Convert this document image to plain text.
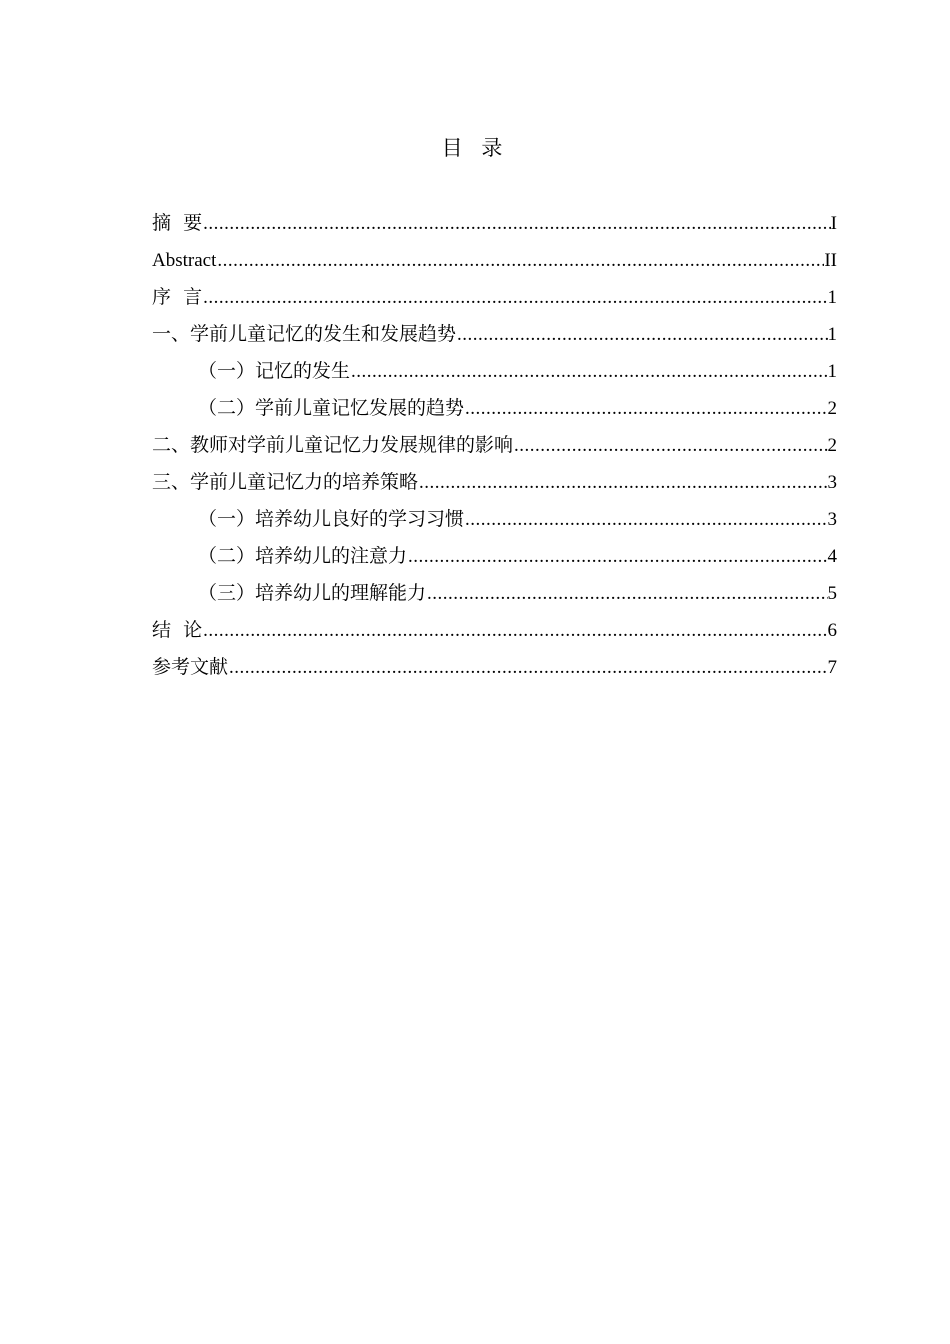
目 录
摘  要 .....	I
Abstract .....	II
序  言 .....	1
一、学前儿童记忆的发生和发展趋势 .....	1
（一）记忆的发生 .....	1
（二）学前儿童记忆发展的趋势 .....	2
二、教师对学前儿童记忆力发展规律的影响 .....	2
三、学前儿童记忆力的培养策略 .....	3
（一）培养幼儿良好的学习习惯 .....	3
（二）培养幼儿的注意力 .....	4
（三）培养幼儿的理解能力 .....	5
结  论 .....	6
参考文献 .....	7
